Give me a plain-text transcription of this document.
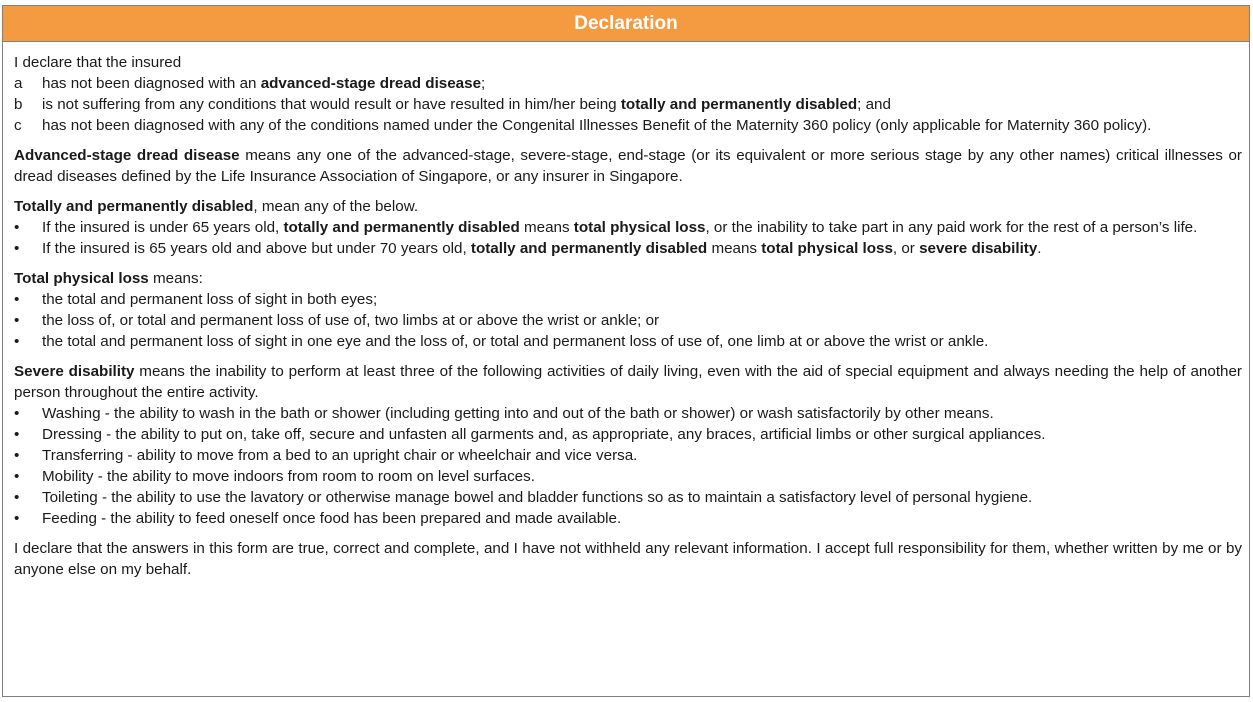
Declaration

I declare that the insured

a has not been diagnosed with an advanced-stage dread disease;
b is not suffering from any conditions that would result or have resulted in him/her being totally and permanently disabled; and
c has not been diagnosed with any of the conditions named under the Congenital Illnesses Benefit of the Maternity 360 policy (only applicable for Maternity 360 policy).

Advanced-stage dread disease means any one of the advanced-stage, severe-stage, end-stage (or its equivalent or more serious stage by any other names) critical illnesses or dread diseases defined by the Life Insurance Association of Singapore, or any insurer in Singapore.

Totally and permanently disabled, mean any of the below.

• If the insured is under 65 years old, totally and permanently disabled means total physical loss, or the inability to take part in any paid work for the rest of a person’s life.
• If the insured is 65 years old and above but under 70 years old, totally and permanently disabled means total physical loss, or severe disability.

Total physical loss means:

• the total and permanent loss of sight in both eyes;
• the loss of, or total and permanent loss of use of, two limbs at or above the wrist or ankle; or
• the total and permanent loss of sight in one eye and the loss of, or total and permanent loss of use of, one limb at or above the wrist or ankle.

Severe disability means the inability to perform at least three of the following activities of daily living, even with the aid of special equipment and always needing the help of another person throughout the entire activity.

• Washing - the ability to wash in the bath or shower (including getting into and out of the bath or shower) or wash satisfactorily by other means.
• Dressing - the ability to put on, take off, secure and unfasten all garments and, as appropriate, any braces, artificial limbs or other surgical appliances.
• Transferring - ability to move from a bed to an upright chair or wheelchair and vice versa.
• Mobility - the ability to move indoors from room to room on level surfaces.
• Toileting - the ability to use the lavatory or otherwise manage bowel and bladder functions so as to maintain a satisfactory level of personal hygiene.
• Feeding - the ability to feed oneself once food has been prepared and made available.

I declare that the answers in this form are true, correct and complete, and I have not withheld any relevant information. I accept full responsibility for them, whether written by me or by anyone else on my behalf.
